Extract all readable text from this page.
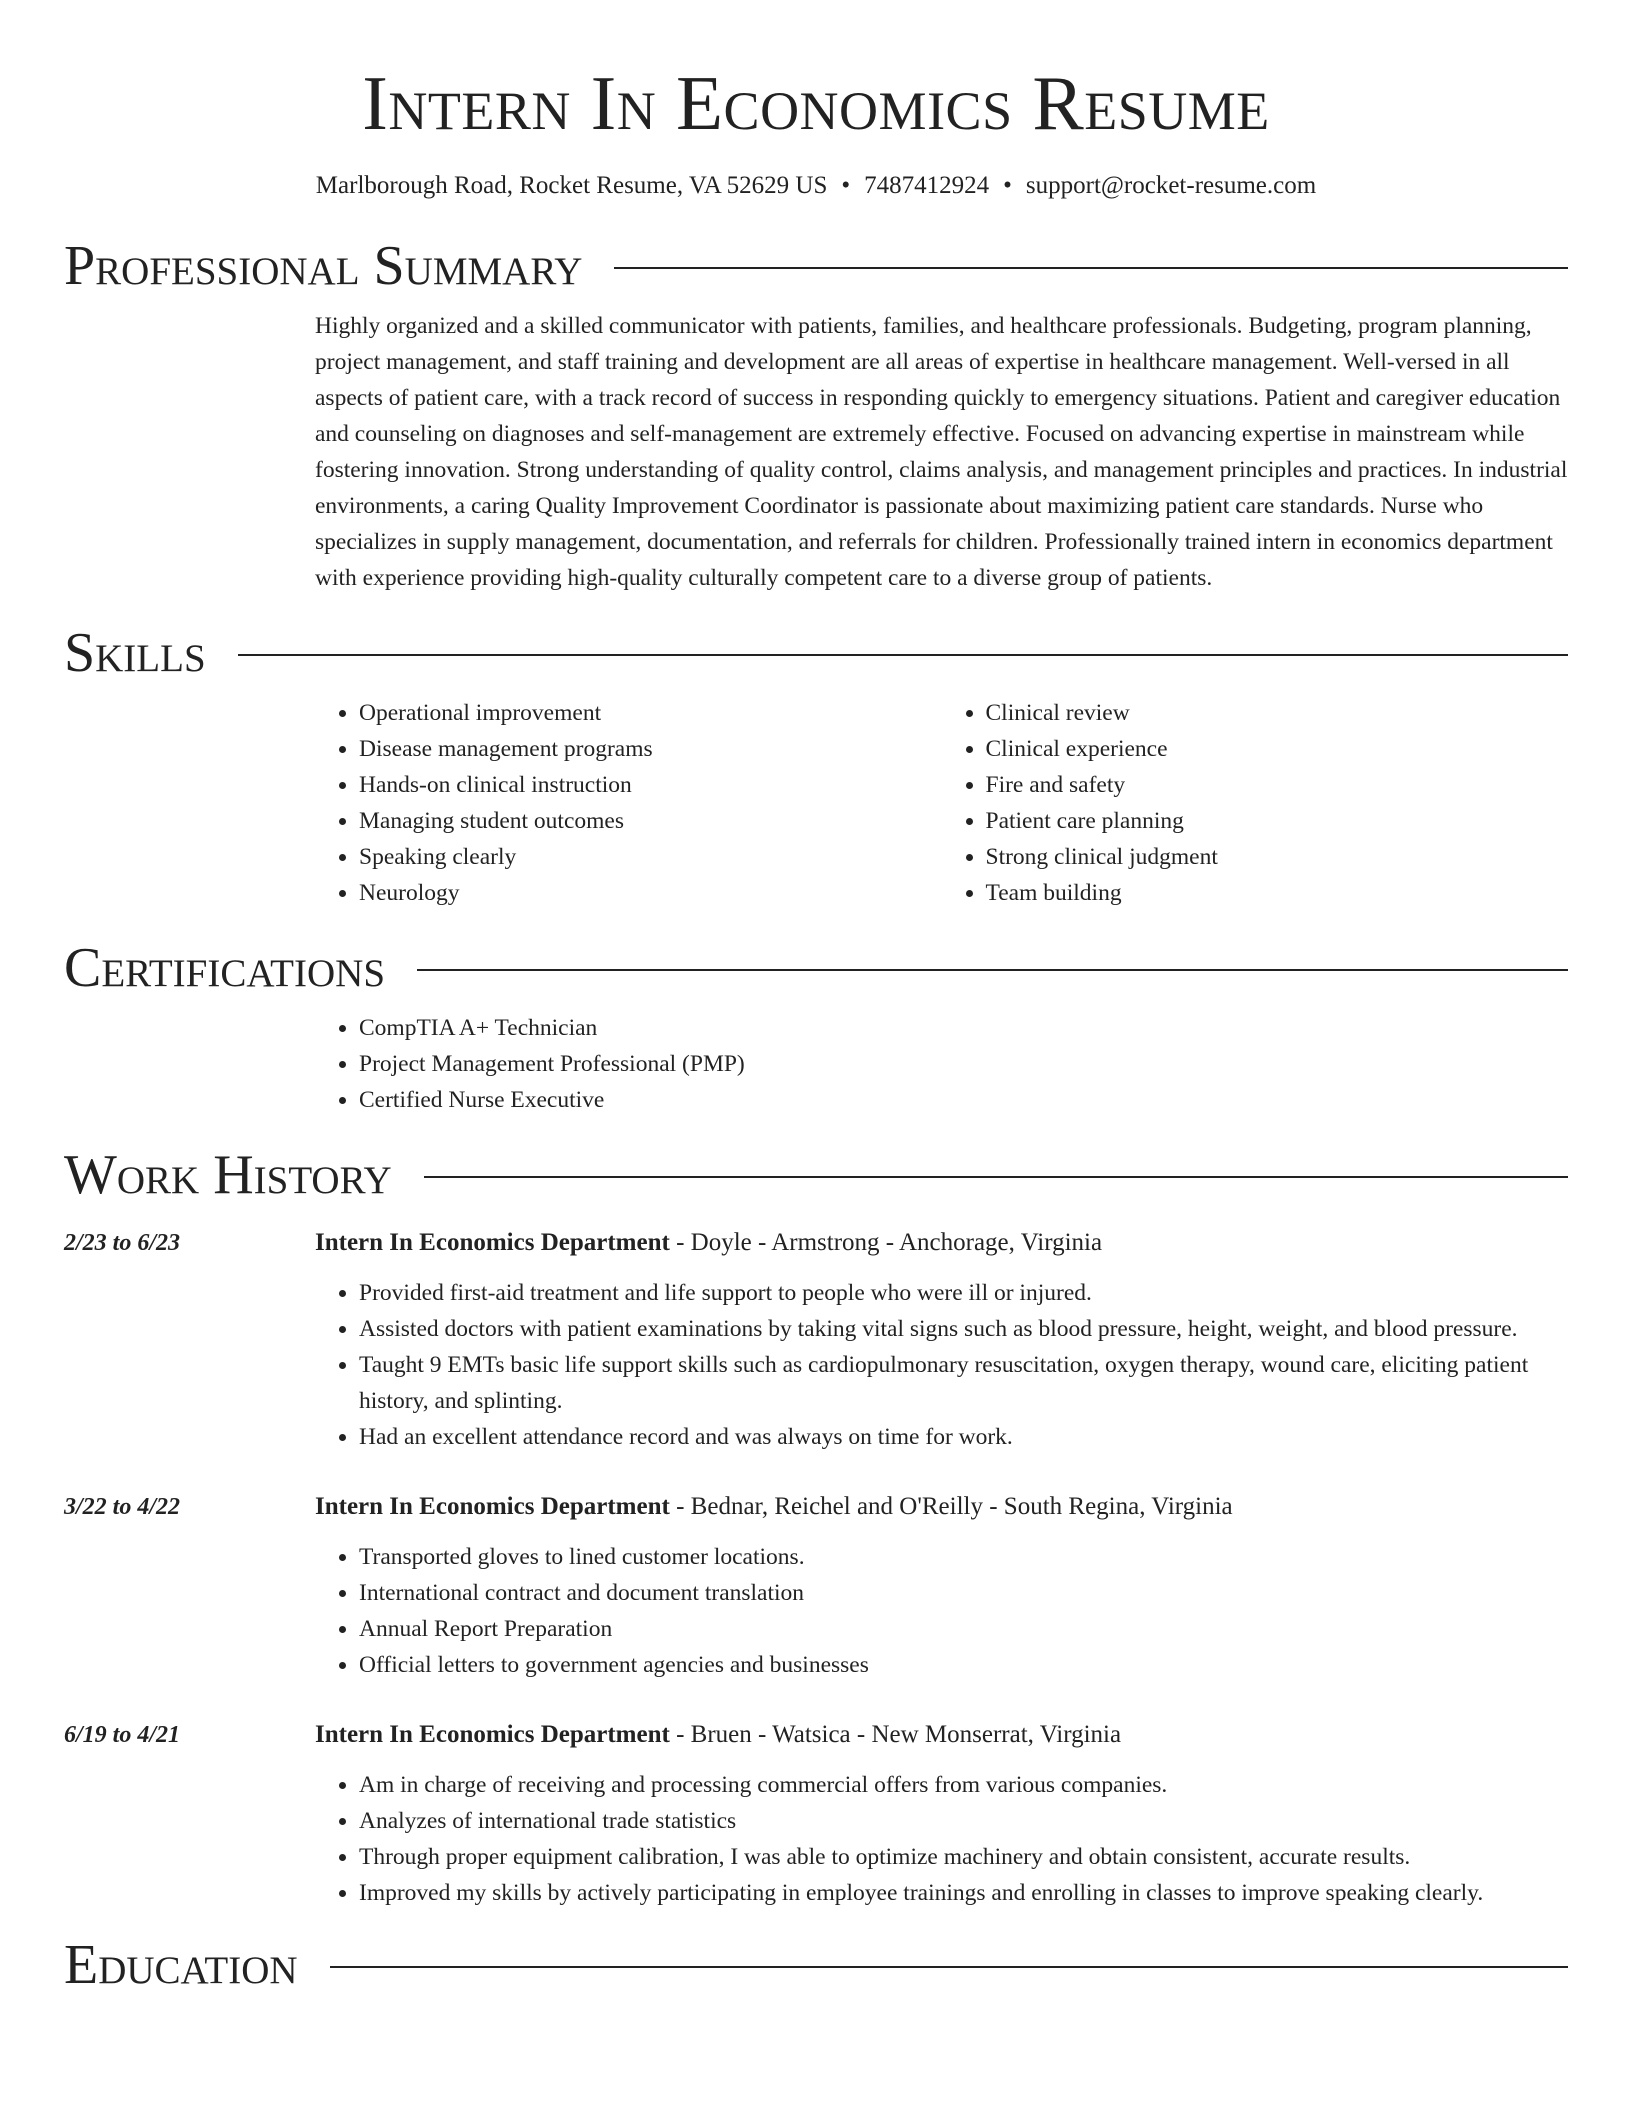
Intern In Economics Resume
Marlborough Road, Rocket Resume, VA 52629 US • 7487412924 • support@rocket-resume.com
Professional Summary
Highly organized and a skilled communicator with patients, families, and healthcare professionals. Budgeting, program planning, project management, and staff training and development are all areas of expertise in healthcare management. Well-versed in all aspects of patient care, with a track record of success in responding quickly to emergency situations. Patient and caregiver education and counseling on diagnoses and self-management are extremely effective. Focused on advancing expertise in mainstream while fostering innovation. Strong understanding of quality control, claims analysis, and management principles and practices. In industrial environments, a caring Quality Improvement Coordinator is passionate about maximizing patient care standards. Nurse who specializes in supply management, documentation, and referrals for children. Professionally trained intern in economics department with experience providing high-quality culturally competent care to a diverse group of patients.
Skills
• Operational improvement
• Disease management programs
• Hands-on clinical instruction
• Managing student outcomes
• Speaking clearly
• Neurology
• Clinical review
• Clinical experience
• Fire and safety
• Patient care planning
• Strong clinical judgment
• Team building
Certifications
• CompTIA A+ Technician
• Project Management Professional (PMP)
• Certified Nurse Executive
Work History
2/23 to 6/23	Intern In Economics Department - Doyle - Armstrong - Anchorage, Virginia
• Provided first-aid treatment and life support to people who were ill or injured.
• Assisted doctors with patient examinations by taking vital signs such as blood pressure, height, weight, and blood pressure.
• Taught 9 EMTs basic life support skills such as cardiopulmonary resuscitation, oxygen therapy, wound care, eliciting patient history, and splinting.
• Had an excellent attendance record and was always on time for work.
3/22 to 4/22	Intern In Economics Department - Bednar, Reichel and O'Reilly - South Regina, Virginia
• Transported gloves to lined customer locations.
• International contract and document translation
• Annual Report Preparation
• Official letters to government agencies and businesses
6/19 to 4/21	Intern In Economics Department - Bruen - Watsica - New Monserrat, Virginia
• Am in charge of receiving and processing commercial offers from various companies.
• Analyzes of international trade statistics
• Through proper equipment calibration, I was able to optimize machinery and obtain consistent, accurate results.
• Improved my skills by actively participating in employee trainings and enrolling in classes to improve speaking clearly.
Education
